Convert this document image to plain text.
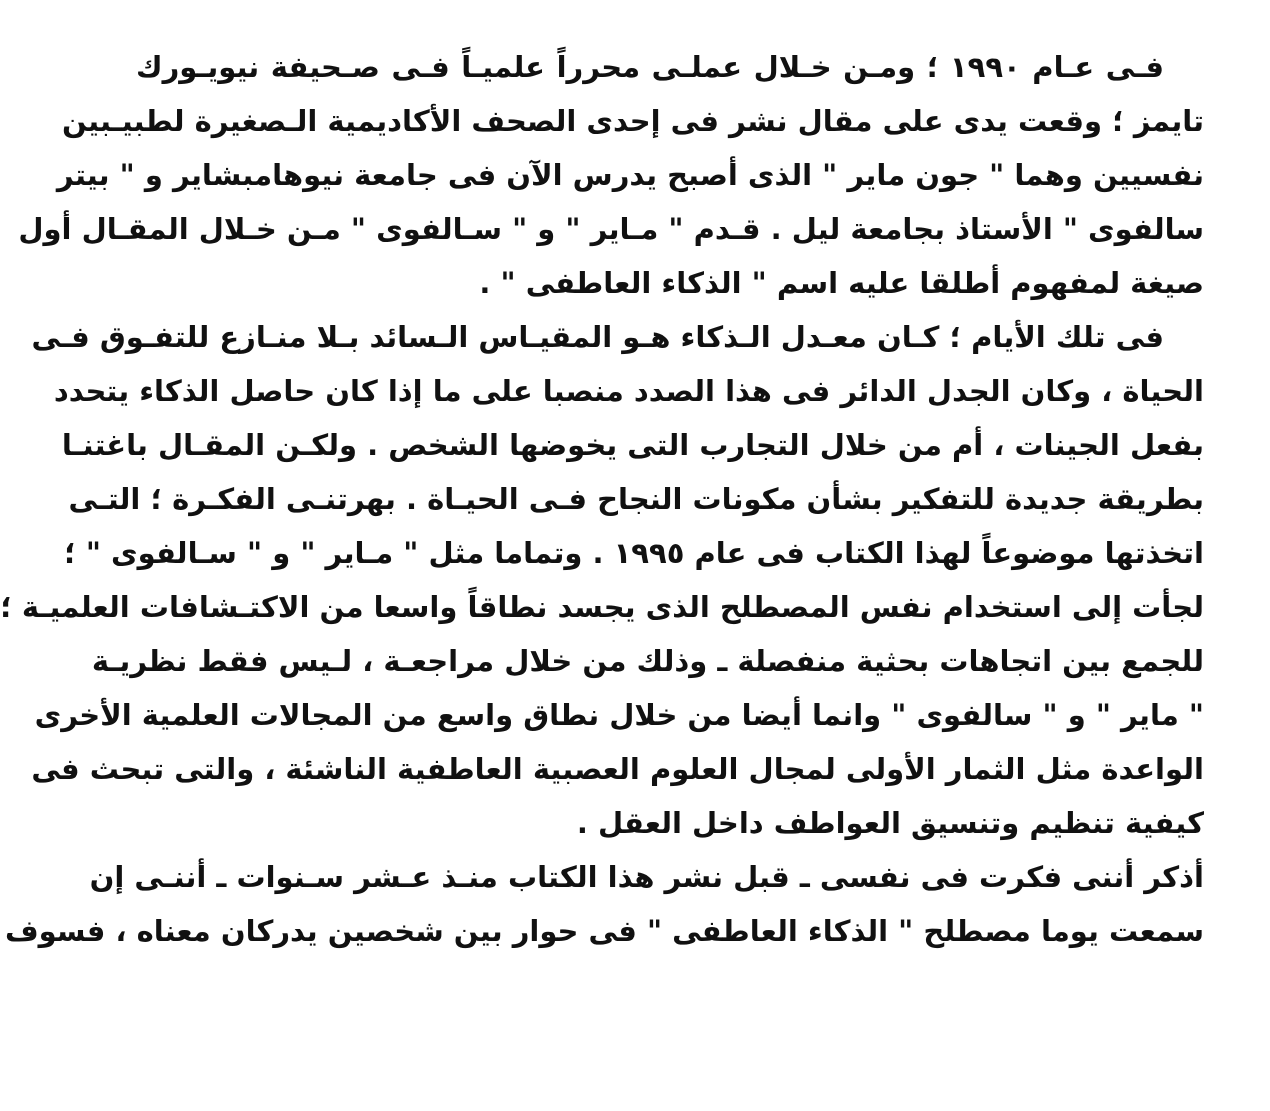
فـى عـام ١٩٩٠ ؛ ومـن خـلال عملـى محرراً علميـاً فـى صـحيفة نيويـورك
تايمز ؛ وقعت يدى على مقال نشر فى إحدى الصحف الأكاديمية الـصغيرة لطبيـبين
نفسيين وهما " جون ماير " الذى أصبح يدرس الآن فى جامعة نيوهامبشاير و " بيتر
سالفوى " الأستاذ بجامعة ليل . قـدم " مـاير " و " سـالفوى " مـن خـلال المقـال أول
صيغة لمفهوم أطلقا عليه اسم " الذكاء العاطفى " .
فى تلك الأيام ؛ كـان معـدل الـذكاء هـو المقيـاس الـسائد بـلا منـازع للتفـوق فـى
الحياة ، وكان الجدل الدائر فى هذا الصدد منصبا على ما إذا كان حاصل الذكاء يتحدد
بفعل الجينات ، أم من خلال التجارب التى يخوضها الشخص . ولكـن المقـال باغتنـا
بطريقة جديدة للتفكير بشأن مكونات النجاح فـى الحيـاة . بهرتنـى الفكـرة ؛ التـى
اتخذتها موضوعاً لهذا الكتاب فى عام ١٩٩٥ . وتماما مثل " مـاير " و " سـالفوى " ؛
لجأت إلى استخدام نفس المصطلح الذى يجسد نطاقاً واسعا من الاكتـشافات العلميـة ؛
للجمع بين اتجاهات بحثية منفصلة ـ وذلك من خلال مراجعـة ، لـيس فقط نظريـة
" ماير " و " سالفوى " وانما أيضا من خلال نطاق واسع من المجالات العلمية الأخرى
الواعدة مثل الثمار الأولى لمجال العلوم العصبية العاطفية الناشئة ، والتى تبحث فى
كيفية تنظيم وتنسيق العواطف داخل العقل .
أذكر أننى فكرت فى نفسى ـ قبل نشر هذا الكتاب منـذ عـشر سـنوات ـ أننـى إن
سمعت يوما مصطلح " الذكاء العاطفى " فى حوار بين شخصين يدركان معناه ، فسوف
